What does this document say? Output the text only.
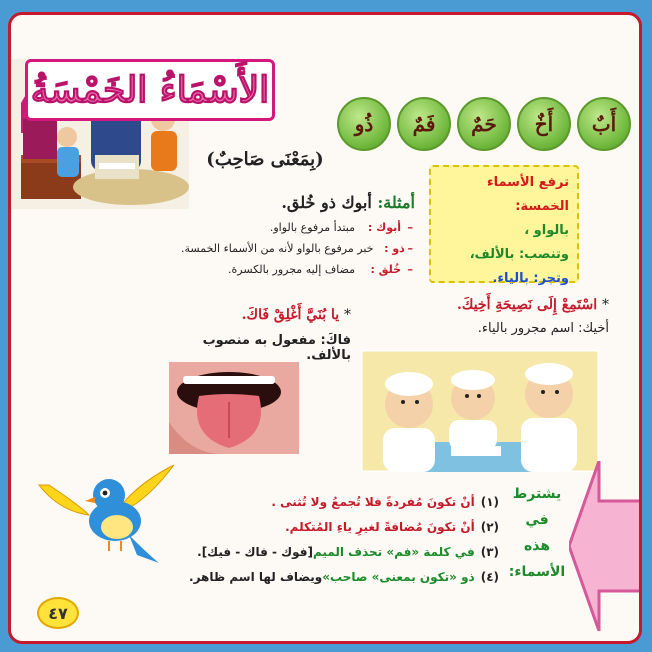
الأَسْمَاءُ الخَمْسَةُ
أَبٌ
أَخٌ
حَمٌ
فَمٌ
ذُو
(بِمَعْنَى صَاحِبٌ)
ترفع الأسماء الخمسة:
بالواو ،
وتنصب: بالألف،
وتجر: بالياء.
أمثلة: أبوك ذو خُلق.
–
أبوك :
مبتدأ مرفوع بالواو.
–
ذو :
خبر مرفوع بالواو لأنه من الأسماء الخمسة.
–
خُلق :
مضاف إليه مجرور بالكسرة.
* اسْتَمِعْ إِلَى نَصِيحَةِ أَخِيكَ.
أخيك: اسم مجرور بالياء.
* يا بُنَيَّ أَغْلِقْ فَاكَ.
فاكَ: مفعول به منصوب بالألف.
يشترط
في
هذه
الأسماء:
(١)
أنْ تكونَ مُفردةً فلا تُجمعُ ولا تُثنى .
(٢)
أنْ تكونَ مُضافةً لغيرِ ياءِ المُتكلم.
(٣)
في كلمة «فم» تحذف الميم
[فوك - فاك - فيك].
(٤)
ذو «تكون بمعنى» صاحب»
ويضاف لها اسم ظاهر.
٤٧
